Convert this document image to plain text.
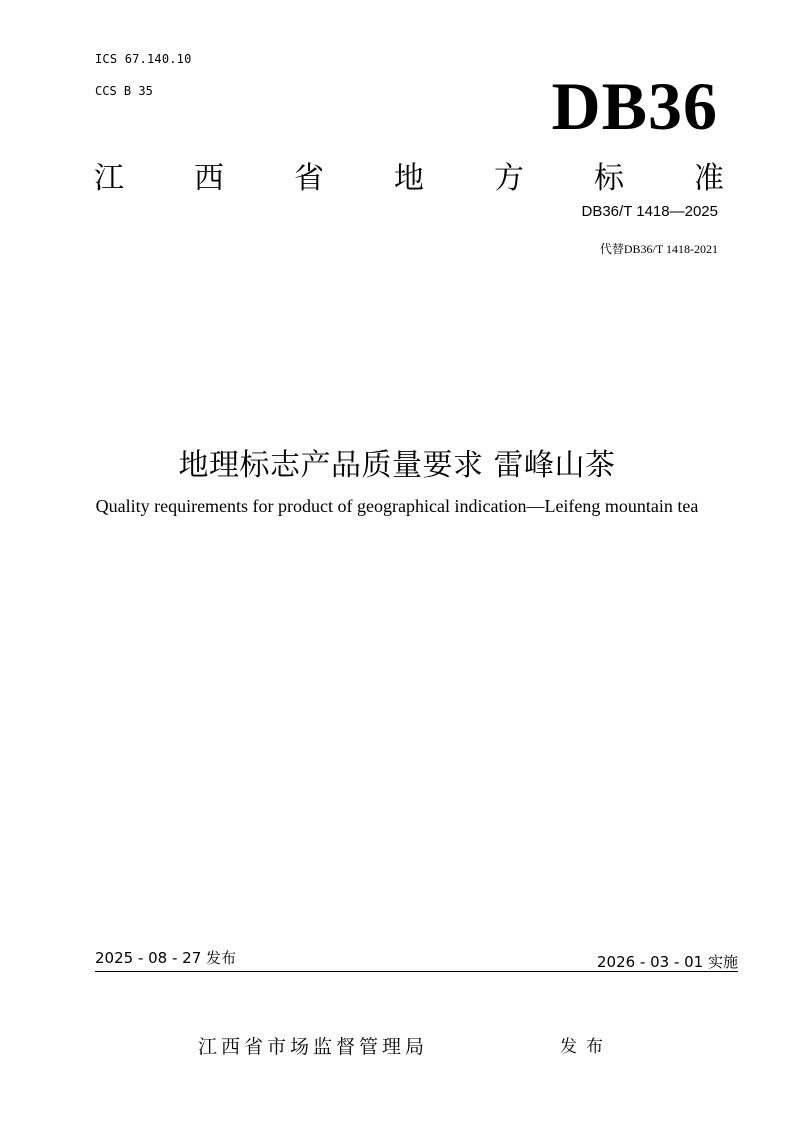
ICS 67.140.10
CCS B 35	DB36
江 西 省 地 方 标 准
DB36/T 1418—2025
代替DB36/T 1418-2021
地理标志产品质量要求 雷峰山茶
Quality requirements for product of geographical indication—Leifeng mountain tea
2025 - 08 - 27 发布	2026 - 03 - 01 实施
江西省市场监督管理局	发布
